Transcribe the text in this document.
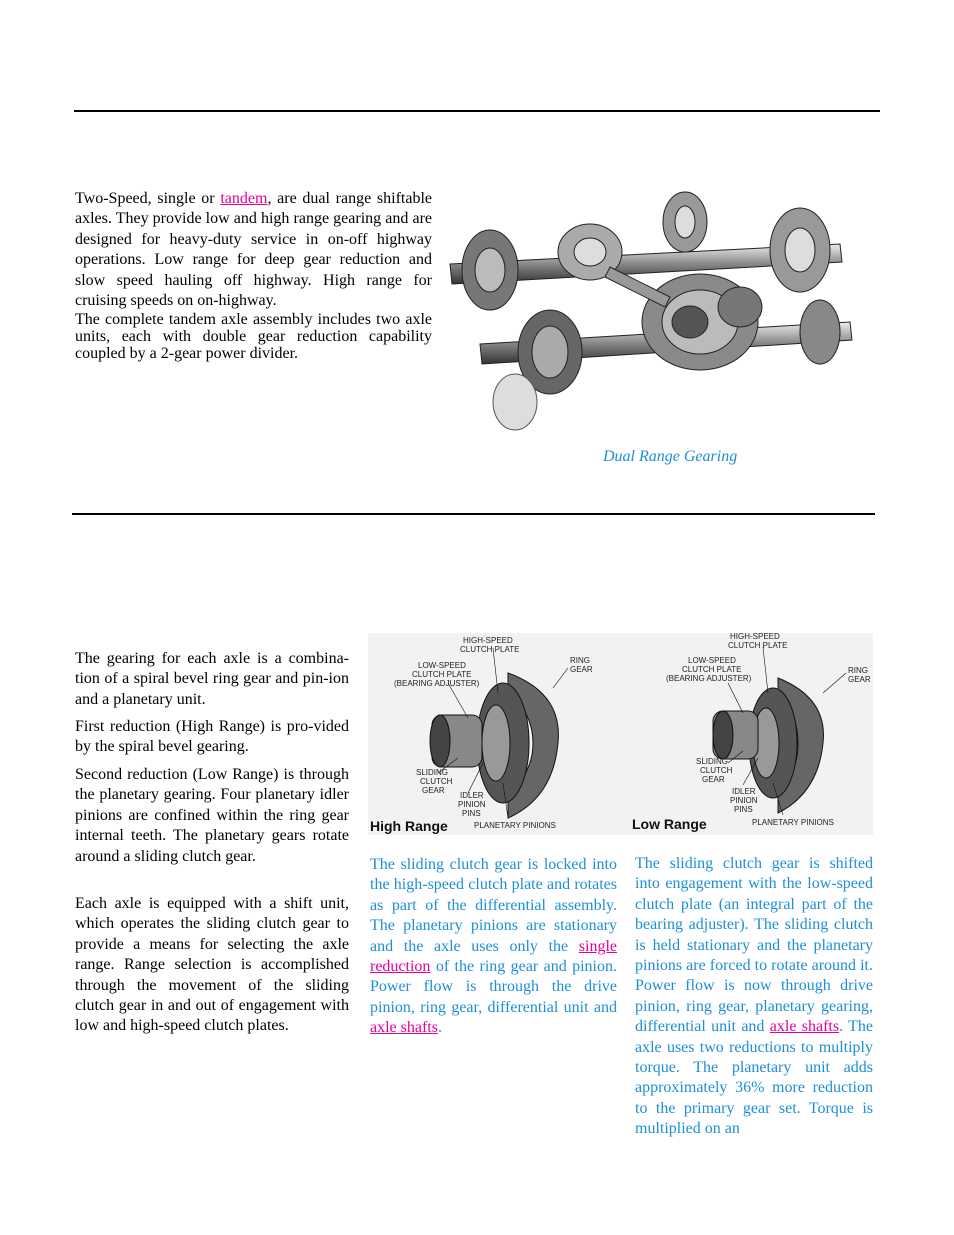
Two-Speed, single or tandem, are dual range shiftable axles. They provide low and high range gearing and are designed for heavy-duty service in on-off highway operations. Low range for deep gear reduction and slow speed hauling off highway. High range for cruising speeds on on-highway.

The complete tandem axle assembly includes two axle units, each with double gear reduction capability coupled by a 2-gear power divider.

Dual Range Gearing

The gearing for each axle is a combina-tion of a spiral bevel ring gear and pin-ion and a planetary unit.

First reduction (High Range) is pro-vided by the spiral bevel gearing.

Second reduction (Low Range) is through the planetary gearing. Four planetary idler pinions are confined within the ring gear internal teeth. The planetary gears rotate around a sliding clutch gear.

Each axle is equipped with a shift unit, which operates the sliding clutch gear to provide a means for selecting the axle range. Range selection is accomplished through the movement of the sliding clutch gear in and out of engagement with low and high-speed clutch plates.

HIGH-SPEED
CLUTCH PLATE
LOW-SPEED
CLUTCH PLATE
(BEARING ADJUSTER)
RING
GEAR
SLIDING
CLUTCH
GEAR
IDLER
PINION
PINS
PLANETARY PINIONS
High Range
HIGH-SPEED
CLUTCH PLATE
LOW-SPEED
CLUTCH PLATE
(BEARING ADJUSTER)
RING
GEAR
SLIDING
CLUTCH
GEAR
IDLER
PINION
PINS
PLANETARY PINIONS
Low Range

The sliding clutch gear is locked into the high-speed clutch plate and rotates as part of the differential assembly. The planetary pinions are stationary and the axle uses only the single reduction of the ring gear and pinion. Power flow is through the drive pinion, ring gear, differential unit and axle shafts.

The sliding clutch gear is shifted into engagement with the low-speed clutch plate (an integral part of the bearing adjuster). The sliding clutch is held stationary and the planetary pinions are forced to rotate around it. Power flow is now through drive pinion, ring gear, planetary gearing, differential unit and axle shafts. The axle uses two reductions to multiply torque. The planetary unit adds approximately 36% more reduction to the primary gear set. Torque is multiplied on an
